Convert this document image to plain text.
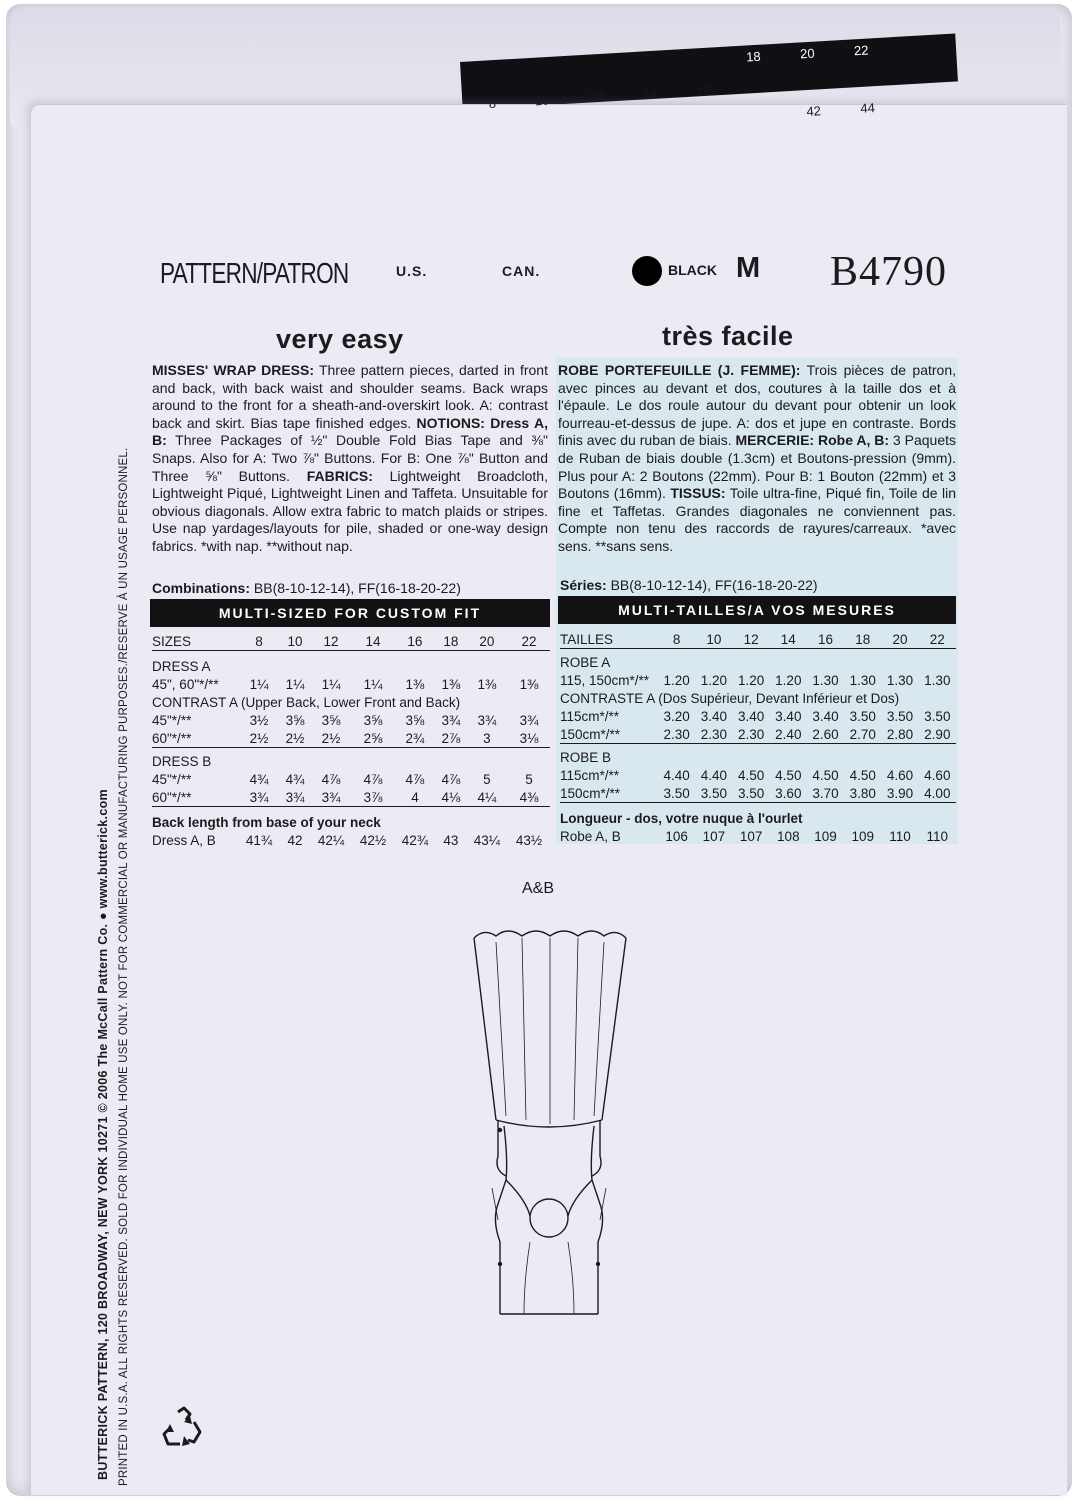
18	20	22
8	10	12	14	16
42	44
PATTERN/PATRON	U.S.	CAN.	BLACK M B4790
very easy	très facile
MISSES' WRAP DRESS: Three pattern pieces, darted in front and back, with back waist and shoulder seams. Back wraps around to the front for a sheath-and-overskirt look. A: contrast back and skirt. Bias tape finished edges. NOTIONS: Dress A, B: Three Packages of ½" Double Fold Bias Tape and ⅜" Snaps. Also for A: Two ⅞" Buttons. For B: One ⅞" Button and Three ⅝" Buttons. FABRICS: Lightweight Broadcloth, Lightweight Piqué, Lightweight Linen and Taffeta. Unsuitable for obvious diagonals. Allow extra fabric to match plaids or stripes. Use nap yardages/layouts for pile, shaded or one-way design fabrics. *with nap. **without nap.
ROBE PORTEFEUILLE (J. FEMME): Trois pièces de patron, avec pinces au devant et dos, coutures à la taille dos et à l'épaule. Le dos roule autour du devant pour obtenir un look fourreau-et-dessus de jupe. A: dos et jupe en contraste. Bords finis avec du ruban de biais. MERCERIE: Robe A, B: 3 Paquets de Ruban de biais double (1.3cm) et Boutons-pression (9mm). Plus pour A: 2 Boutons (22mm). Pour B: 1 Bouton (22mm) et 3 Boutons (16mm). TISSUS: Toile ultra-fine, Piqué fin, Toile de lin fine et Taffetas. Grandes diagonales ne conviennent pas. Compte non tenu des raccords de rayures/carreaux. *avec sens. **sans sens.
Combinations: BB(8-10-12-14), FF(16-18-20-22)	Séries: BB(8-10-12-14), FF(16-18-20-22)
MULTI-SIZED FOR CUSTOM FIT	MULTI-TAILLES/A VOS MESURES
SIZES	8	10	12	14	16	18	20	22
DRESS A								
45", 60"*/**	1¼	1¼	1¼	1¼	1⅜	1⅜	1⅜	1⅜
CONTRAST A (Upper Back, Lower Front and Back)								
45"*/**	3½	3⅝	3⅝	3⅝	3⅝	3¾	3¾	3¾
60"*/**	2½	2½	2½	2⅝	2¾	2⅞	3	3⅛
DRESS B								
45"*/**	4¾	4¾	4⅞	4⅞	4⅞	4⅞	5	5
60"*/**	3¾	3¾	3¾	3⅞	4	4⅛	4¼	4⅜
Back length from base of your neck								
Dress A, B	41¾	42	42¼	42½	42¾	43	43¼	43½
TAILLES	8	10	12	14	16	18	20	22
ROBE A								
115, 150cm*/**	1.20	1.20	1.20	1.20	1.30	1.30	1.30	1.30
CONTRASTE A (Dos Supérieur, Devant Inférieur et Dos)								
115cm*/**	3.20	3.40	3.40	3.40	3.40	3.50	3.50	3.50
150cm*/**	2.30	2.30	2.30	2.40	2.60	2.70	2.80	2.90
ROBE B								
115cm*/**	4.40	4.40	4.50	4.50	4.50	4.50	4.60	4.60
150cm*/**	3.50	3.50	3.50	3.60	3.70	3.80	3.90	4.00
Longueur - dos, votre nuque à l'ourlet								
Robe A, B	106	107	107	108	109	109	110	110
A&B
BUTTERICK PATTERN, 120 BROADWAY, NEW YORK 10271 © 2006 The McCall Pattern Co. ● www.butterick.com PRINTED IN U.S.A. ALL RIGHTS RESERVED. SOLD FOR INDIVIDUAL HOME USE ONLY. NOT FOR COMMERCIAL OR MANUFACTURING PURPOSES./RESERVE À UN USAGE PERSONNEL.
